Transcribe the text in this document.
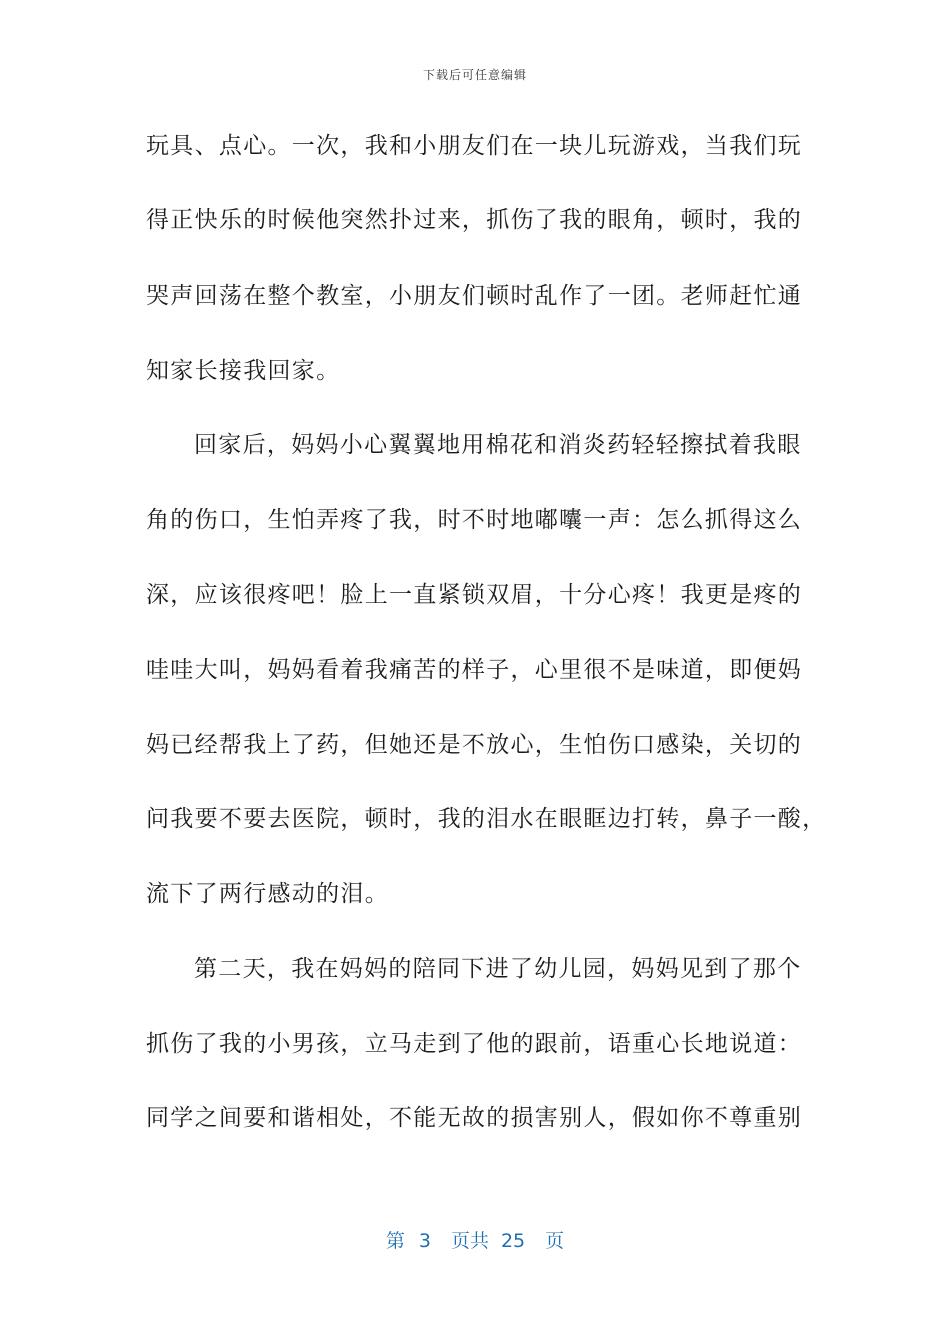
下载后可任意编辑
玩具、点心。一次，我和小朋友们在一块儿玩游戏，当我们玩
得正快乐的时候他突然扑过来，抓伤了我的眼角，顿时，我的
哭声回荡在整个教室，小朋友们顿时乱作了一团。老师赶忙通
知家长接我回家。
回家后，妈妈小心翼翼地用棉花和消炎药轻轻擦拭着我眼
角的伤口，生怕弄疼了我，时不时地嘟囔一声：怎么抓得这么
深，应该很疼吧！脸上一直紧锁双眉，十分心疼！我更是疼的
哇哇大叫，妈妈看着我痛苦的样子，心里很不是味道，即便妈
妈已经帮我上了药，但她还是不放心，生怕伤口感染，关切的
问我要不要去医院，顿时，我的泪水在眼眶边打转，鼻子一酸，
流下了两行感动的泪。
第二天，我在妈妈的陪同下进了幼儿园，妈妈见到了那个
抓伤了我的小男孩，立马走到了他的跟前，语重心长地说道：
同学之间要和谐相处，不能无故的损害别人，假如你不尊重别
第 3 页共 25 页
